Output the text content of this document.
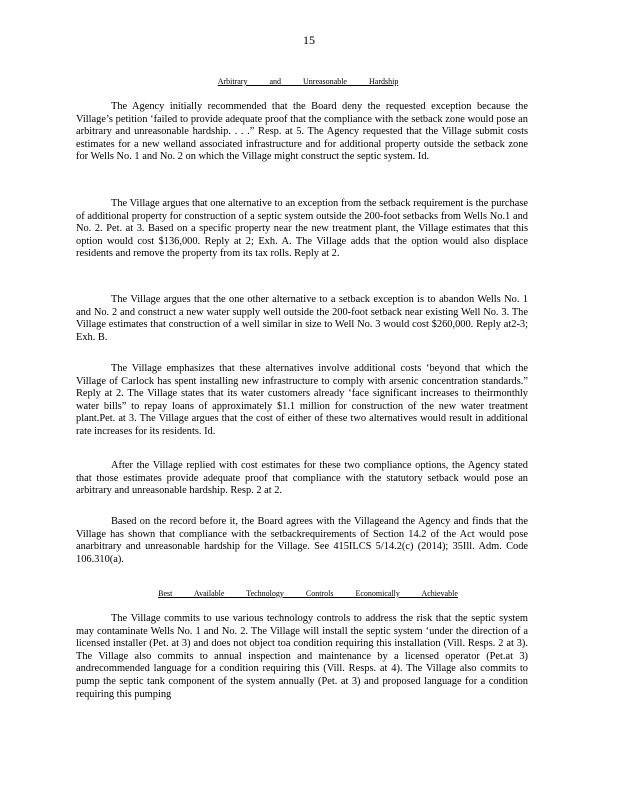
15
Arbitrary and Unreasonable Hardship

The Agency initially recommended that the Board deny the requested exception because the Village’s petition ‘failed to provide adequate proof that the compliance with the setback zone would pose an arbitrary and unreasonable hardship. . . .” Resp. at 5. The Agency requested that the Village submit costs estimates for a new welland associated infrastructure and for additional property outside the setback zone for Wells No. 1 and No. 2 on which the Village might construct the septic system. Id.

The Village argues that one alternative to an exception from the setback requirement is the purchase of additional property for construction of a septic system outside the 200-foot setbacks from Wells No.1 and No. 2. Pet. at 3. Based on a specific property near the new treatment plant, the Village estimates that this option would cost $136,000. Reply at 2; Exh. A. The Village adds that the option would also displace residents and remove the property from its tax rolls. Reply at 2.

The Village argues that the one other alternative to a setback exception is to abandon Wells No. 1 and No. 2 and construct a new water supply well outside the 200-foot setback near existing Well No. 3. The Village estimates that construction of a well similar in size to Well No. 3 would cost $260,000. Reply at2-3; Exh. B.

The Village emphasizes that these alternatives involve additional costs ‘beyond that which the Village of Carlock has spent installing new infrastructure to comply with arsenic concentration standards.” Reply at 2. The Village states that its water customers already ‘face significant increases to theirmonthly water bills” to repay loans of approximately $1.1 million for construction of the new water treatment plant.Pet. at 3. The Village argues that the cost of either of these two alternatives would result in additional rate increases for its residents. Id.

After the Village replied with cost estimates for these two compliance options, the Agency stated that those estimates provide adequate proof that compliance with the statutory setback would pose an arbitrary and unreasonable hardship. Resp. 2 at 2.

Based on the record before it, the Board agrees with the Villageand the Agency and finds that the Village has shown that compliance with the setbackrequirements of Section 14.2 of the Act would pose anarbitrary and unreasonable hardship for the Village. See 415ILCS 5/14.2(c) (2014); 35Ill. Adm. Code 106.310(a).

Best Available Technology Controls Economically Achievable

The Village commits to use various technology controls to address the risk that the septic system may contaminate Wells No. 1 and No. 2. The Village will install the septic system ‘under the direction of a licensed installer (Pet. at 3) and does not object toa condition requiring this installation (Vill. Resps. 2 at 3). The Village also commits to annual inspection and maintenance by a licensed operator (Pet.at 3) andrecommended language for a condition requiring this (Vill. Resps. at 4). The Village also commits to pump the septic tank component of the system annually (Pet. at 3) and proposed language for a condition requiring this pumping
